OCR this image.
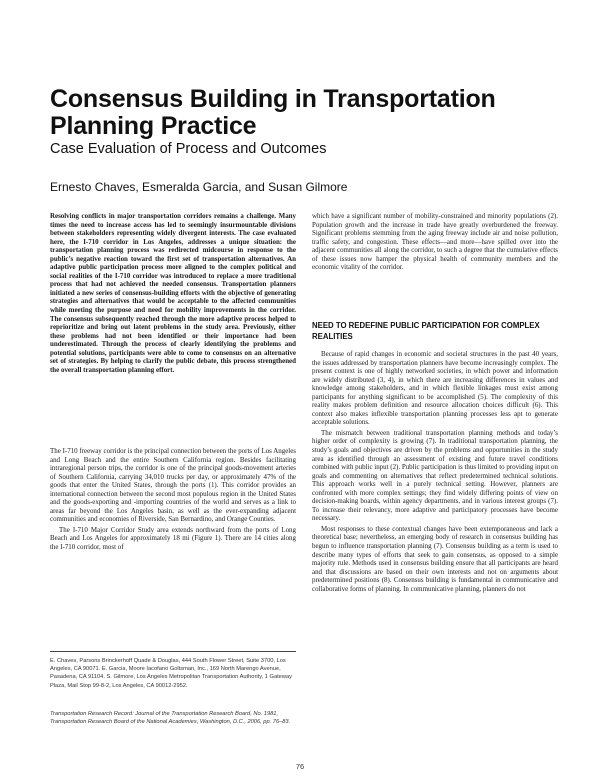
Consensus Building in Transportation Planning Practice
Case Evaluation of Process and Outcomes
Ernesto Chaves, Esmeralda Garcia, and Susan Gilmore
Resolving conflicts in major transportation corridors remains a challenge. Many times the need to increase access has led to seemingly insurmountable divisions between stakeholders representing widely divergent interests. The case evaluated here, the I-710 corridor in Los Angeles, addresses a unique situation: the transportation planning process was redirected midcourse in response to the public’s negative reaction toward the first set of transportation alternatives. An adaptive public participation process more aligned to the complex political and social realities of the I-710 corridor was introduced to replace a more traditional process that had not achieved the needed consensus. Transportation planners initiated a new series of consensus-building efforts with the objective of generating strategies and alternatives that would be acceptable to the affected communities while meeting the purpose and need for mobility improvements in the corridor. The consensus subsequently reached through the more adaptive process helped to reprioritize and bring out latent problems in the study area. Previously, either these problems had not been identified or their importance had been underestimated. Through the process of clearly identifying the problems and potential solutions, participants were able to come to consensus on an alternative set of strategies. By helping to clarify the public debate, this process strengthened the overall transportation planning effort.

The I-710 freeway corridor is the principal connection between the ports of Los Angeles and Long Beach and the entire Southern California region. Besides facilitating intraregional person trips, the corridor is one of the principal goods-movement arteries of Southern California, carrying 34,010 trucks per day, or approximately 47% of the goods that enter the United States, through the ports (1). This corridor provides an international connection between the second most populous region in the United States and the goods-exporting and -importing countries of the world and serves as a link to areas far beyond the Los Angeles basin, as well as the ever-expanding adjacent communities and economies of Riverside, San Bernardino, and Orange Counties.

The I-710 Major Corridor Study area extends northward from the ports of Long Beach and Los Angeles for approximately 18 mi (Figure 1). There are 14 cities along the I-710 corridor, most of

E. Chaves, Parsons Brinckerhoff Quade & Douglas, 444 South Flower Street, Suite 3700, Los Angeles, CA 90071. E. Garcia, Moore Iacofano Goltsman, Inc., 169 North Marengo Avenue, Pasadena, CA 91104. S. Gilmore, Los Angeles Metropolitan Transportation Authority, 1 Gateway Plaza, Mail Stop 99-8-2, Los Angeles, CA 90012-2952.
Transportation Research Record: Journal of the Transportation Research Board, No. 1981, Transportation Research Board of the National Academies, Washington, D.C., 2006, pp. 76–83.

which have a significant number of mobility-constrained and minority populations (2). Population growth and the increase in trade have greatly overburdened the freeway. Significant problems stemming from the aging freeway include air and noise pollution, traffic safety, and congestion. These effects—and more—have spilled over into the adjacent communities all along the corridor, to such a degree that the cumulative effects of these issues now hamper the physical health of community members and the economic vitality of the corridor.

NEED TO REDEFINE PUBLIC PARTICIPATION FOR COMPLEX REALITIES

Because of rapid changes in economic and societal structures in the past 40 years, the issues addressed by transportation planners have become increasingly complex. The present context is one of highly networked societies, in which power and information are widely distributed (3, 4), in which there are increasing differences in values and knowledge among stakeholders, and in which flexible linkages must exist among participants for anything significant to be accomplished (5). The complexity of this reality makes problem definition and resource allocation choices difficult (6). This context also makes inflexible transportation planning processes less apt to generate acceptable solutions.

The mismatch between traditional transportation planning methods and today’s higher order of complexity is growing (7). In traditional transportation planning, the study’s goals and objectives are driven by the problems and opportunities in the study area as identified through an assessment of existing and future travel conditions combined with public input (2). Public participation is thus limited to providing input on goals and commenting on alternatives that reflect predetermined technical solutions. This approach works well in a purely technical setting. However, planners are confronted with more complex settings; they find widely differing points of view on decision-making boards, within agency departments, and in various interest groups (7). To increase their relevancy, more adaptive and participatory processes have become necessary.

Most responses to these contextual changes have been extemporaneous and lack a theoretical base; nevertheless, an emerging body of research in consensus building has begun to influence transportation planning (7). Consensus building as a term is used to describe many types of efforts that seek to gain consensus, as opposed to a simple majority rule. Methods used in consensus building ensure that all participants are heard and that discussions are based on their own interests and not on arguments about predetermined positions (8). Consensus building is fundamental in communicative and collaborative forms of planning. In communicative planning, planners do not

76
